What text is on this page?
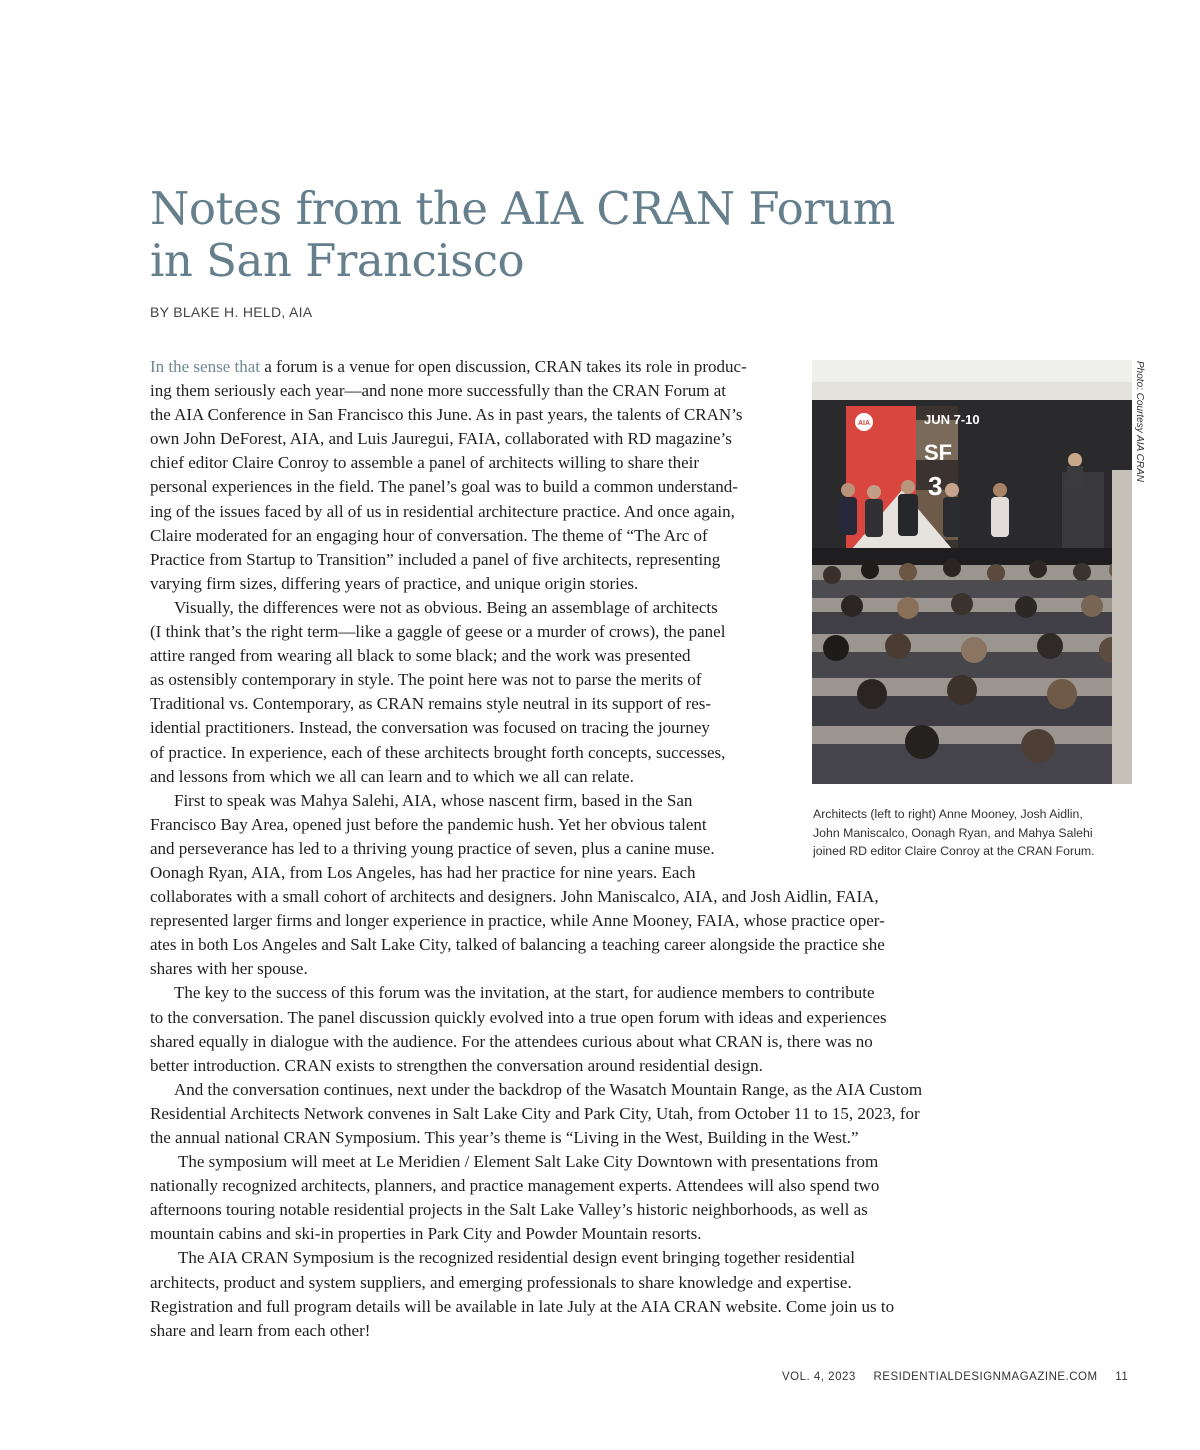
Notes from the AIA CRAN Forum
in San Francisco
BY BLAKE H. HELD, AIA
In the sense that a forum is a venue for open discussion, CRAN takes its role in produc-
ing them seriously each year—and none more successfully than the CRAN Forum at
the AIA Conference in San Francisco this June. As in past years, the talents of CRAN’s
own John DeForest, AIA, and Luis Jauregui, FAIA, collaborated with RD magazine’s
chief editor Claire Conroy to assemble a panel of architects willing to share their
personal experiences in the field. The panel’s goal was to build a common understand-
ing of the issues faced by all of us in residential architecture practice. And once again,
Claire moderated for an engaging hour of conversation. The theme of “The Arc of
Practice from Startup to Transition” included a panel of five architects, representing
varying firm sizes, differing years of practice, and unique origin stories.
Visually, the differences were not as obvious. Being an assemblage of architects
(I think that’s the right term—like a gaggle of geese or a murder of crows), the panel
attire ranged from wearing all black to some black; and the work was presented
as ostensibly contemporary in style. The point here was not to parse the merits of
Traditional vs. Contemporary, as CRAN remains style neutral in its support of res-
idential practitioners. Instead, the conversation was focused on tracing the journey
of practice. In experience, each of these architects brought forth concepts, successes,
and lessons from which we all can learn and to which we all can relate.
First to speak was Mahya Salehi, AIA, whose nascent firm, based in the San
Francisco Bay Area, opened just before the pandemic hush. Yet her obvious talent
and perseverance has led to a thriving young practice of seven, plus a canine muse.
Oonagh Ryan, AIA, from Los Angeles, has had her practice for nine years. Each
collaborates with a small cohort of architects and designers. John Maniscalco, AIA, and Josh Aidlin, FAIA,
represented larger firms and longer experience in practice, while Anne Mooney, FAIA, whose practice oper-
ates in both Los Angeles and Salt Lake City, talked of balancing a teaching career alongside the practice she
shares with her spouse.
The key to the success of this forum was the invitation, at the start, for audience members to contribute
to the conversation. The panel discussion quickly evolved into a true open forum with ideas and experiences
shared equally in dialogue with the audience. For the attendees curious about what CRAN is, there was no
better introduction. CRAN exists to strengthen the conversation around residential design.
And the conversation continues, next under the backdrop of the Wasatch Mountain Range, as the AIA Custom
Residential Architects Network convenes in Salt Lake City and Park City, Utah, from October 11 to 15, 2023, for
the annual national CRAN Symposium. This year’s theme is “Living in the West, Building in the West.”
The symposium will meet at Le Meridien / Element Salt Lake City Downtown with presentations from
nationally recognized architects, planners, and practice management experts. Attendees will also spend two
afternoons touring notable residential projects in the Salt Lake Valley’s historic neighborhoods, as well as
mountain cabins and ski-in properties in Park City and Powder Mountain resorts.
The AIA CRAN Symposium is the recognized residential design event bringing together residential
architects, product and system suppliers, and emerging professionals to share knowledge and expertise.
Registration and full program details will be available in late July at the AIA CRAN website. Come join us to
share and learn from each other!
AIA	JUN 7-10
SF
3
Photo: Courtesy AIA CRAN
Architects (left to right) Anne Mooney, Josh Aidlin,
John Maniscalco, Oonagh Ryan, and Mahya Salehi
joined RD editor Claire Conroy at the CRAN Forum.
VOL. 4, 2023 RESIDENTIALDESIGNMAGAZINE.COM 11
